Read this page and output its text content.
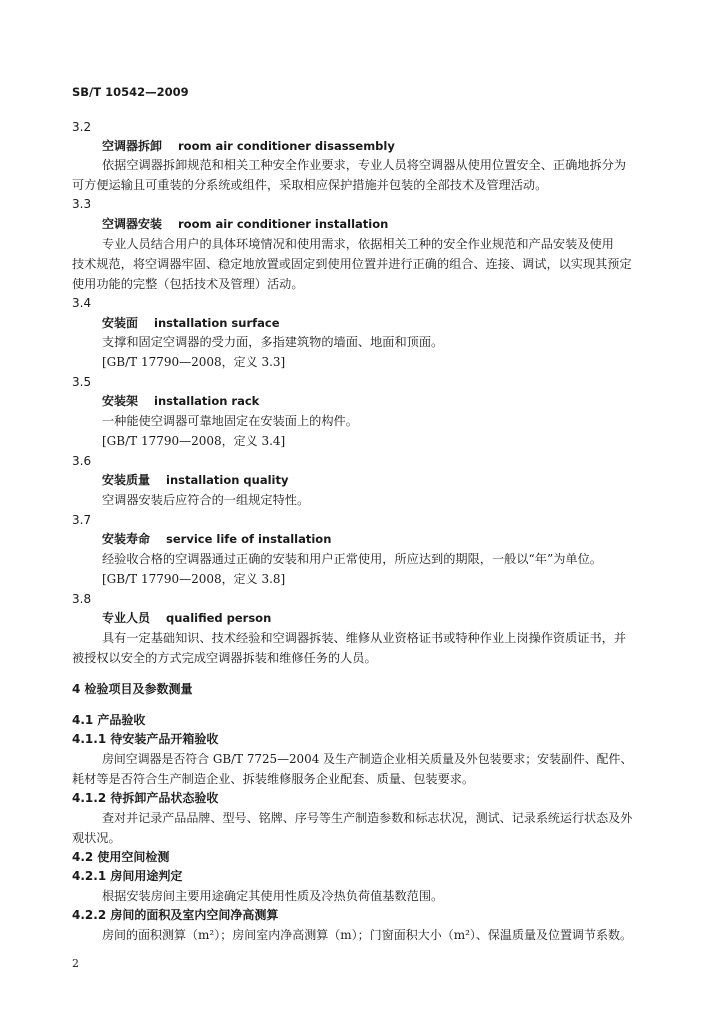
SB/T 10542—2009
3.2
空调器拆卸 room air conditioner disassembly
依据空调器拆卸规范和相关工种安全作业要求，专业人员将空调器从使用位置安全、正确地拆分为
可方便运输且可重装的分系统或组件，采取相应保护措施并包装的全部技术及管理活动。
3.3
空调器安装 room air conditioner installation
专业人员结合用户的具体环境情况和使用需求，依据相关工种的安全作业规范和产品安装及使用
技术规范，将空调器牢固、稳定地放置或固定到使用位置并进行正确的组合、连接、调试，以实现其预定
使用功能的完整（包括技术及管理）活动。
3.4
安装面 installation surface
支撑和固定空调器的受力面，多指建筑物的墙面、地面和顶面。
[GB/T 17790—2008，定义 3.3]
3.5
安装架 installation rack
一种能使空调器可靠地固定在安装面上的构件。
[GB/T 17790—2008，定义 3.4]
3.6
安装质量 installation quality
空调器安装后应符合的一组规定特性。
3.7
安装寿命 service life of installation
经验收合格的空调器通过正确的安装和用户正常使用，所应达到的期限，一般以“年”为单位。
[GB/T 17790—2008，定义 3.8]
3.8
专业人员 qualified person
具有一定基础知识、技术经验和空调器拆装、维修从业资格证书或特种作业上岗操作资质证书，并
被授权以安全的方式完成空调器拆装和维修任务的人员。
4 检验项目及参数测量
4.1 产品验收
4.1.1 待安装产品开箱验收
房间空调器是否符合 GB/T 7725—2004 及生产制造企业相关质量及外包装要求；安装副件、配件、
耗材等是否符合生产制造企业、拆装维修服务企业配套、质量、包装要求。
4.1.2 待拆卸产品状态验收
查对并记录产品品牌、型号、铭牌、序号等生产制造参数和标志状况，测试、记录系统运行状态及外
观状况。
4.2 使用空间检测
4.2.1 房间用途判定
根据安装房间主要用途确定其使用性质及冷热负荷值基数范围。
4.2.2 房间的面积及室内空间净高测算
房间的面积测算（m²）；房间室内净高测算（m）；门窗面积大小（m²）、保温质量及位置调节系数。
2
